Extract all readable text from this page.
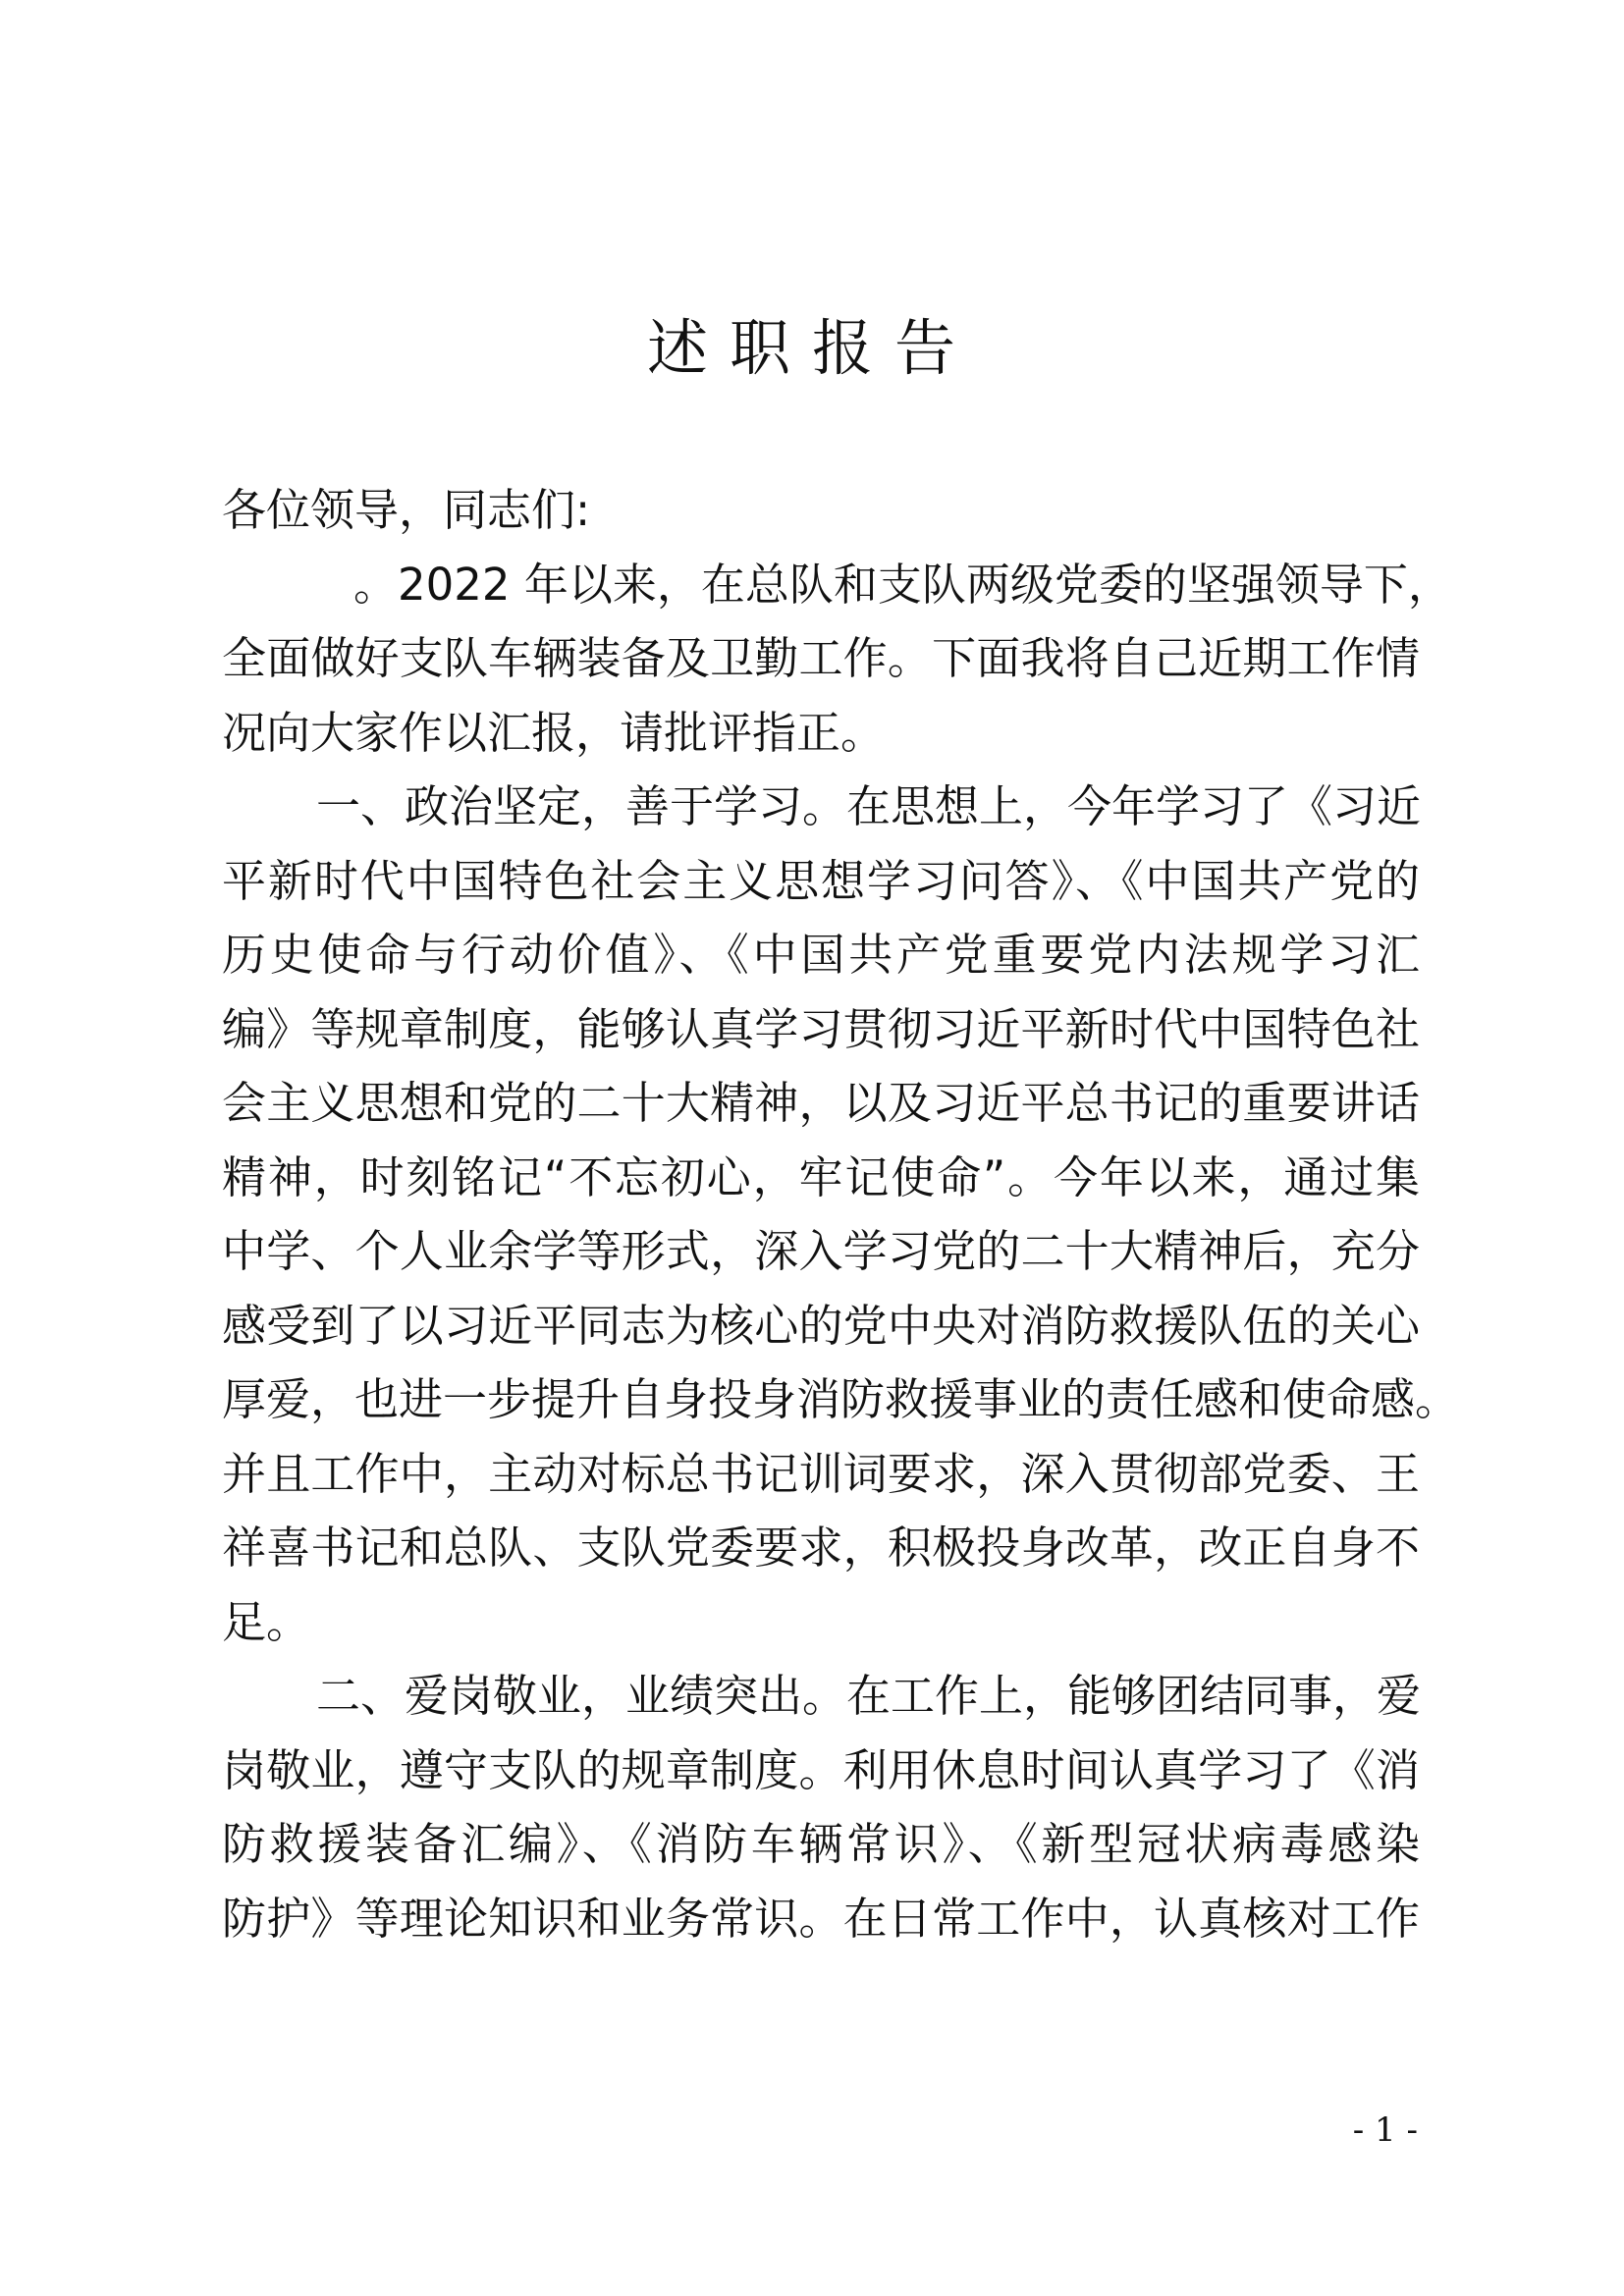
述职报告
各位领导，同志们:
。2022 年以来，在总队和支队两级党委的坚强领导下，
全面做好支队车辆装备及卫勤工作。下面我将自己近期工作情
况向大家作以汇报，请批评指正。
一、政治坚定，善于学习。在思想上，今年学习了《习近
平新时代中国特色社会主义思想学习问答》、《中国共产党的
历史使命与行动价值》、《中国共产党重要党内法规学习汇
编》等规章制度，能够认真学习贯彻习近平新时代中国特色社
会主义思想和党的二十大精神，以及习近平总书记的重要讲话
精神，时刻铭记“不忘初心，牢记使命”。今年以来，通过集
中学、个人业余学等形式，深入学习党的二十大精神后，充分
感受到了以习近平同志为核心的党中央对消防救援队伍的关心
厚爱，也进一步提升自身投身消防救援事业的责任感和使命感。
并且工作中，主动对标总书记训词要求，深入贯彻部党委、王
祥喜书记和总队、支队党委要求，积极投身改革，改正自身不
足。
二、爱岗敬业，业绩突出。在工作上，能够团结同事，爱
岗敬业，遵守支队的规章制度。利用休息时间认真学习了《消
防救援装备汇编》、《消防车辆常识》、《新型冠状病毒感染
防护》等理论知识和业务常识。在日常工作中，认真核对工作
- 1 -
